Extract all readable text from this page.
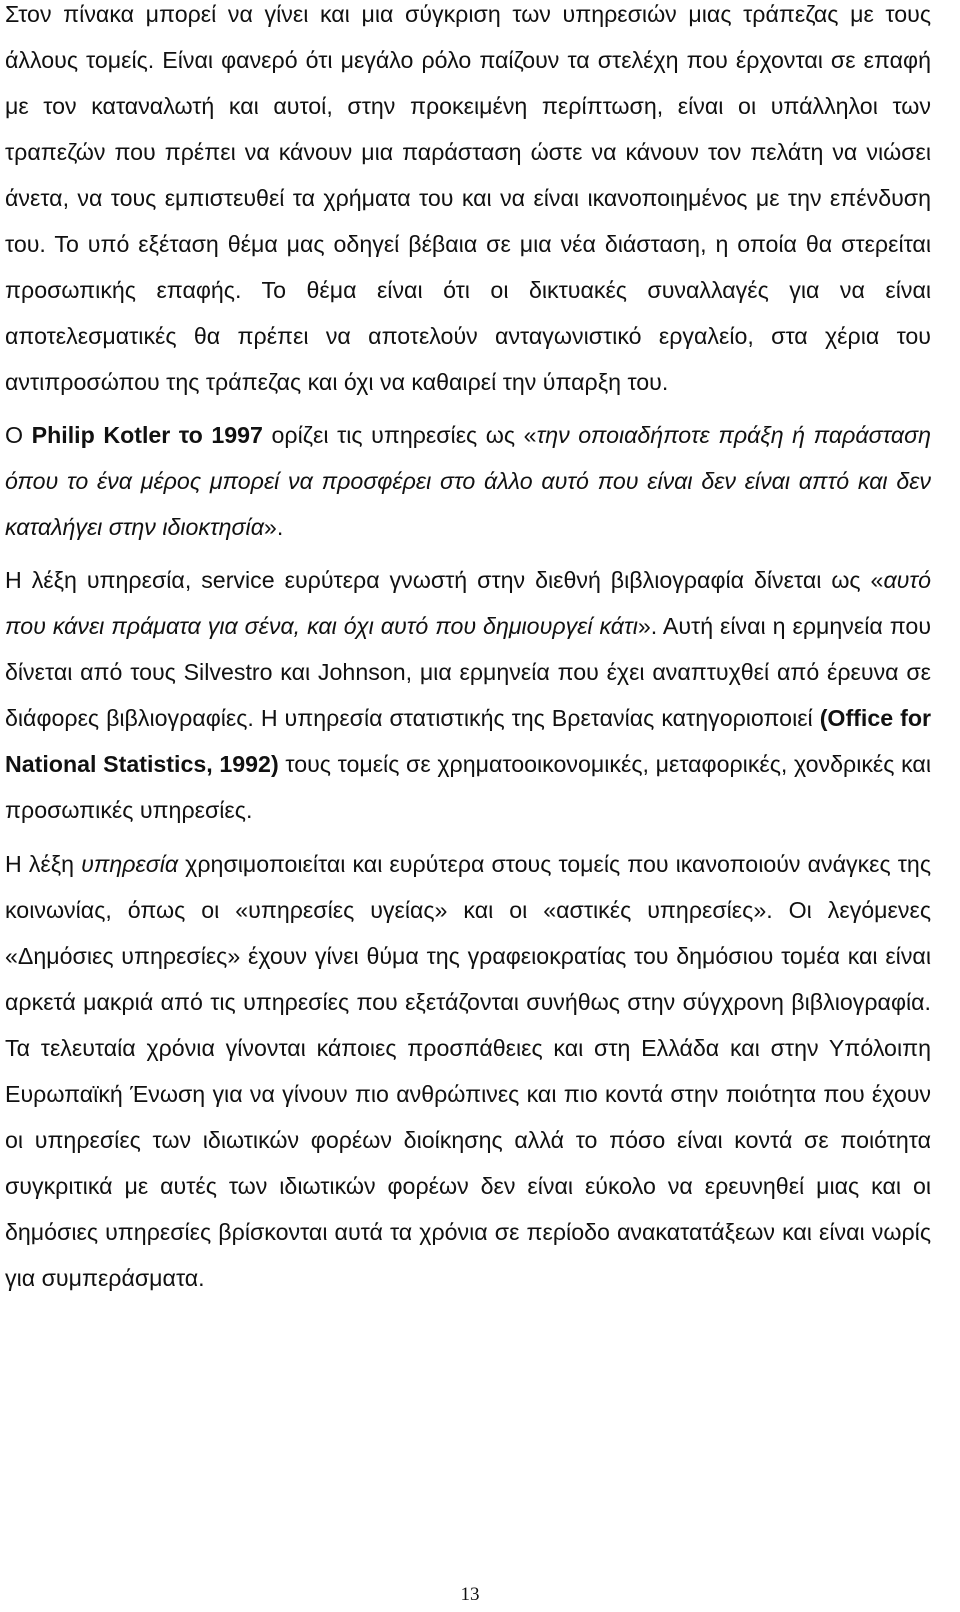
Στον πίνακα μπορεί να γίνει και μια σύγκριση των υπηρεσιών μιας τράπεζας με τους άλλους τομείς. Είναι φανερό ότι μεγάλο ρόλο παίζουν τα στελέχη που έρχονται σε επαφή με τον καταναλωτή και αυτοί, στην προκειμένη περίπτωση, είναι οι υπάλληλοι των τραπεζών που πρέπει να κάνουν μια παράσταση ώστε να κάνουν τον πελάτη να νιώσει άνετα, να τους εμπιστευθεί τα χρήματα του και να είναι ικανοποιημένος με την επένδυση του. Το υπό εξέταση θέμα μας οδηγεί βέβαια σε μια νέα διάσταση, η οποία θα στερείται προσωπικής επαφής. Το θέμα είναι ότι οι δικτυακές συναλλαγές για να είναι αποτελεσματικές θα πρέπει να αποτελούν ανταγωνιστικό εργαλείο, στα χέρια του αντιπροσώπου της τράπεζας και όχι να καθαιρεί την ύπαρξη του.

Ο Philip Kotler το 1997 ορίζει τις υπηρεσίες ως «την οποιαδήποτε πράξη ή παράσταση όπου το ένα μέρος μπορεί να προσφέρει στο άλλο αυτό που είναι δεν είναι απτό και δεν καταλήγει στην ιδιοκτησία».

Η λέξη υπηρεσία, service ευρύτερα γνωστή στην διεθνή βιβλιογραφία δίνεται ως «αυτό που κάνει πράματα για σένα, και όχι αυτό που δημιουργεί κάτι». Αυτή είναι η ερμηνεία που δίνεται από τους Silvestro και Johnson, μια ερμηνεία που έχει αναπτυχθεί από έρευνα σε διάφορες βιβλιογραφίες. Η υπηρεσία στατιστικής της Βρετανίας κατηγοριοποιεί (Office for National Statistics, 1992) τους τομείς σε χρηματοοικονομικές, μεταφορικές, χονδρικές και προσωπικές υπηρεσίες.

Η λέξη υπηρεσία χρησιμοποιείται και ευρύτερα στους τομείς που ικανοποιούν ανάγκες της κοινωνίας, όπως οι «υπηρεσίες υγείας» και οι «αστικές υπηρεσίες». Οι λεγόμενες «Δημόσιες υπηρεσίες» έχουν γίνει θύμα της γραφειοκρατίας του δημόσιου τομέα και είναι αρκετά μακριά από τις υπηρεσίες που εξετάζονται συνήθως στην σύγχρονη βιβλιογραφία. Τα τελευταία χρόνια γίνονται κάποιες προσπάθειες και στη Ελλάδα και στην Υπόλοιπη Ευρωπαϊκή Ένωση για να γίνουν πιο ανθρώπινες και πιο κοντά στην ποιότητα που έχουν οι υπηρεσίες των ιδιωτικών φορέων διοίκησης αλλά το πόσο είναι κοντά σε ποιότητα συγκριτικά με αυτές των ιδιωτικών φορέων δεν είναι εύκολο να ερευνηθεί μιας και οι δημόσιες υπηρεσίες βρίσκονται αυτά τα χρόνια σε περίοδο ανακατατάξεων και είναι νωρίς για συμπεράσματα.

13
